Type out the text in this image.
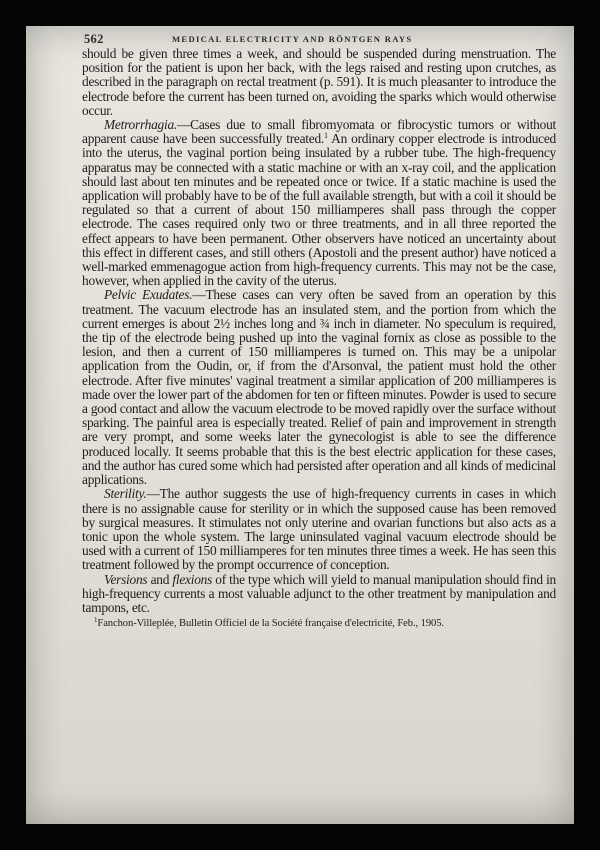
562	MEDICAL ELECTRICITY AND RÖNTGEN RAYS

should be given three times a week, and should be suspended during menstruation. The position for the patient is upon her back, with the legs raised and resting upon crutches, as described in the paragraph on rectal treatment (p. 591). It is much pleasanter to introduce the electrode before the current has been turned on, avoiding the sparks which would otherwise occur.

Metrorrhagia.—Cases due to small fibromyomata or fibrocystic tumors or without apparent cause have been successfully treated.$^1$ An ordinary copper electrode is introduced into the uterus, the vaginal portion being insulated by a rubber tube. The high-frequency apparatus may be connected with a static machine or with an x-ray coil, and the application should last about ten minutes and be repeated once or twice. If a static machine is used the application will probably have to be of the full available strength, but with a coil it should be regulated so that a current of about 150 milliamperes shall pass through the copper electrode. The cases required only two or three treatments, and in all three reported the effect appears to have been permanent. Other observers have noticed an uncertainty about this effect in different cases, and still others (Apostoli and the present author) have noticed a well-marked emmenagogue action from high-frequency currents. This may not be the case, however, when applied in the cavity of the uterus.

Pelvic Exudates.—These cases can very often be saved from an operation by this treatment. The vacuum electrode has an insulated stem, and the portion from which the current emerges is about 2½ inches long and ¾ inch in diameter. No speculum is required, the tip of the electrode being pushed up into the vaginal fornix as close as possible to the lesion, and then a current of 150 milliamperes is turned on. This may be a unipolar application from the Oudin, or, if from the d'Arsonval, the patient must hold the other electrode. After five minutes' vaginal treatment a similar application of 200 milliamperes is made over the lower part of the abdomen for ten or fifteen minutes. Powder is used to secure a good contact and allow the vacuum electrode to be moved rapidly over the surface without sparking. The painful area is especially treated. Relief of pain and improvement in strength are very prompt, and some weeks later the gynecologist is able to see the difference produced locally. It seems probable that this is the best electric application for these cases, and the author has cured some which had persisted after operation and all kinds of medicinal applications.

Sterility.—The author suggests the use of high-frequency currents in cases in which there is no assignable cause for sterility or in which the supposed cause has been removed by surgical measures. It stimulates not only uterine and ovarian functions but also acts as a tonic upon the whole system. The large uninsulated vaginal vacuum electrode should be used with a current of 150 milliamperes for ten minutes three times a week. He has seen this treatment followed by the prompt occurrence of conception.

Versions and flexions of the type which will yield to manual manipulation should find in high-frequency currents a most valuable adjunct to the other treatment by manipulation and tampons, etc.

$^1$Fanchon-Villeplée, Bulletin Officiel de la Société française d'electricité, Feb., 1905.
